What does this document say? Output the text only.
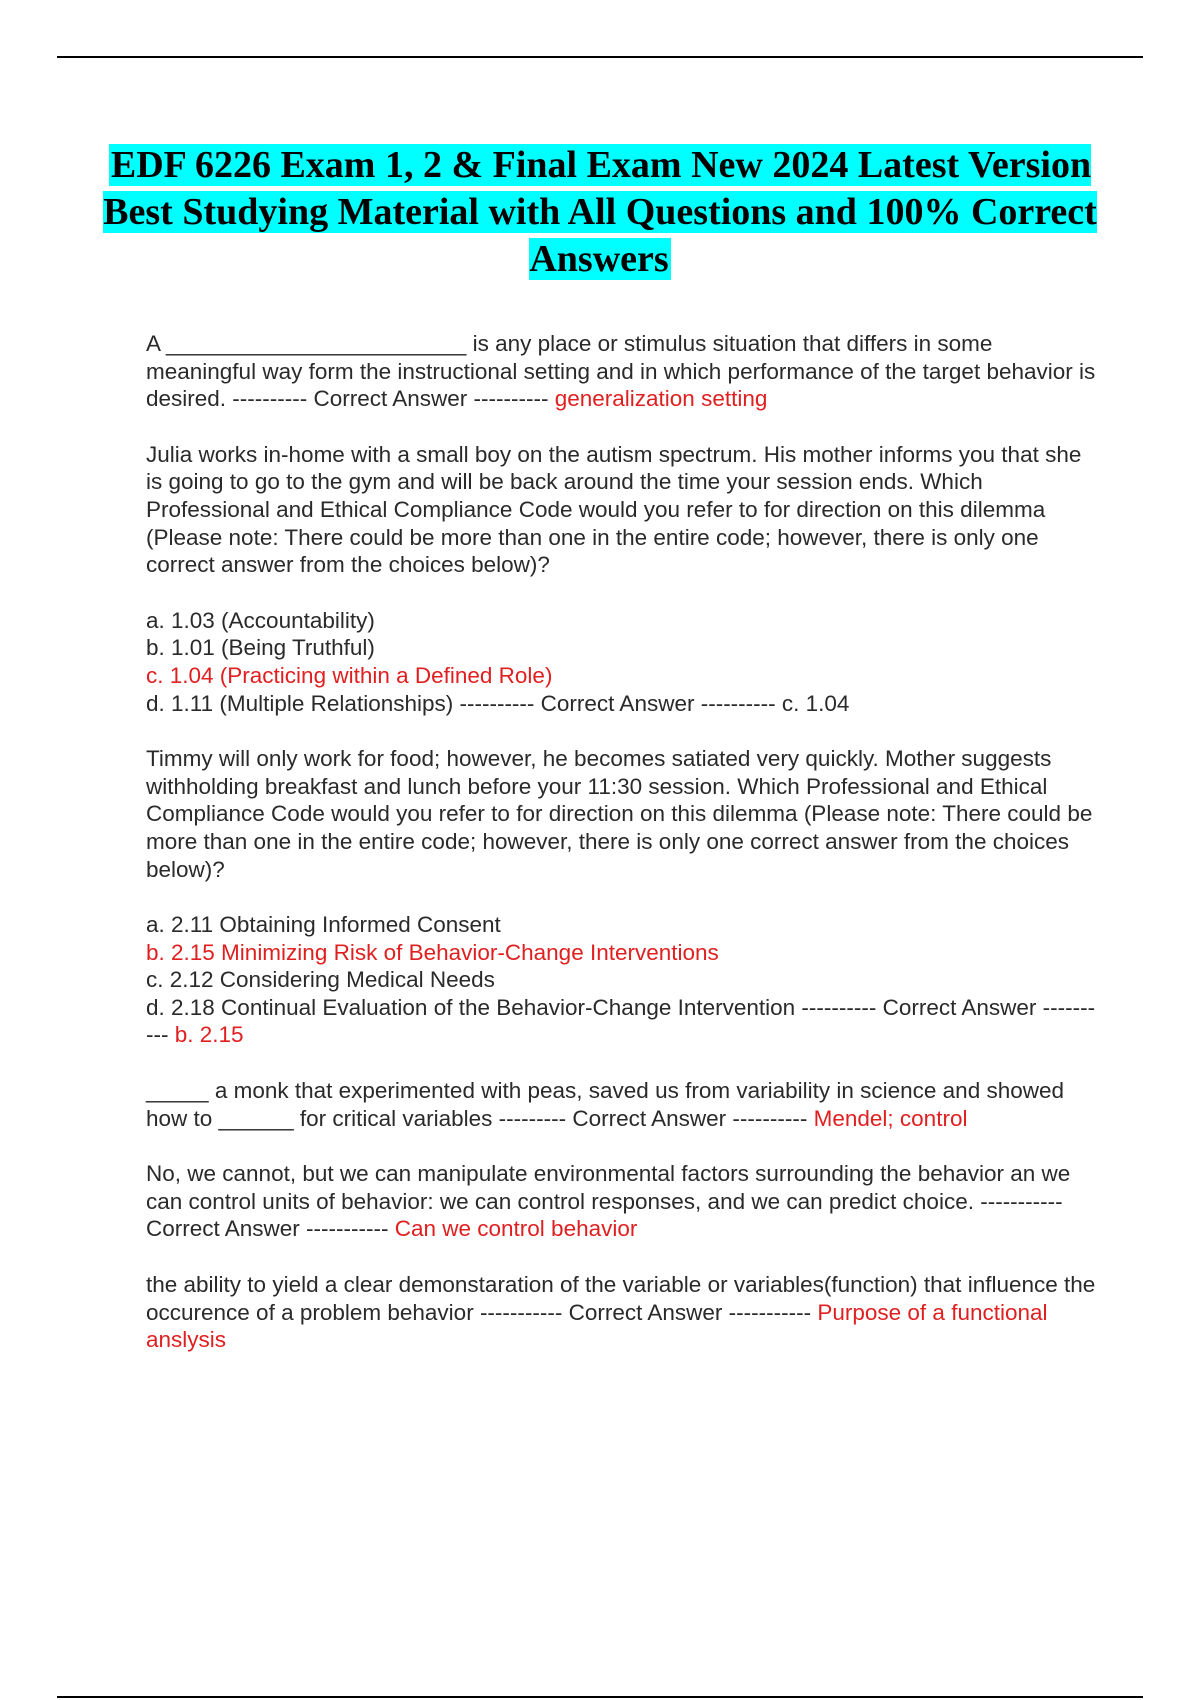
EDF 6226 Exam 1, 2 & Final Exam New 2024 Latest Version Best Studying Material with All Questions and 100% Correct Answers

A ________________________ is any place or stimulus situation that differs in some meaningful way form the instructional setting and in which performance of the target behavior is desired. ---------- Correct Answer ---------- generalization setting

Julia works in-home with a small boy on the autism spectrum. His mother informs you that she is going to go to the gym and will be back around the time your session ends. Which Professional and Ethical Compliance Code would you refer to for direction on this dilemma (Please note: There could be more than one in the entire code; however, there is only one correct answer from the choices below)?

a. 1.03 (Accountability)
b. 1.01 (Being Truthful)
c. 1.04 (Practicing within a Defined Role)
d. 1.11 (Multiple Relationships) ---------- Correct Answer ---------- c. 1.04

Timmy will only work for food; however, he becomes satiated very quickly. Mother suggests withholding breakfast and lunch before your 11:30 session. Which Professional and Ethical Compliance Code would you refer to for direction on this dilemma (Please note: There could be more than one in the entire code; however, there is only one correct answer from the choices below)?

a. 2.11 Obtaining Informed Consent
b. 2.15 Minimizing Risk of Behavior-Change Interventions
c. 2.12 Considering Medical Needs
d. 2.18 Continual Evaluation of the Behavior-Change Intervention ---------- Correct Answer ---------- b. 2.15

_____ a monk that experimented with peas, saved us from variability in science and showed how to ______ for critical variables --------- Correct Answer ---------- Mendel; control

No, we cannot, but we can manipulate environmental factors surrounding the behavior an we can control units of behavior: we can control responses, and we can predict choice. ----------- Correct Answer ----------- Can we control behavior

the ability to yield a clear demonstaration of the variable or variables(function) that influence the occurence of a problem behavior ----------- Correct Answer ----------- Purpose of a functional anslysis
